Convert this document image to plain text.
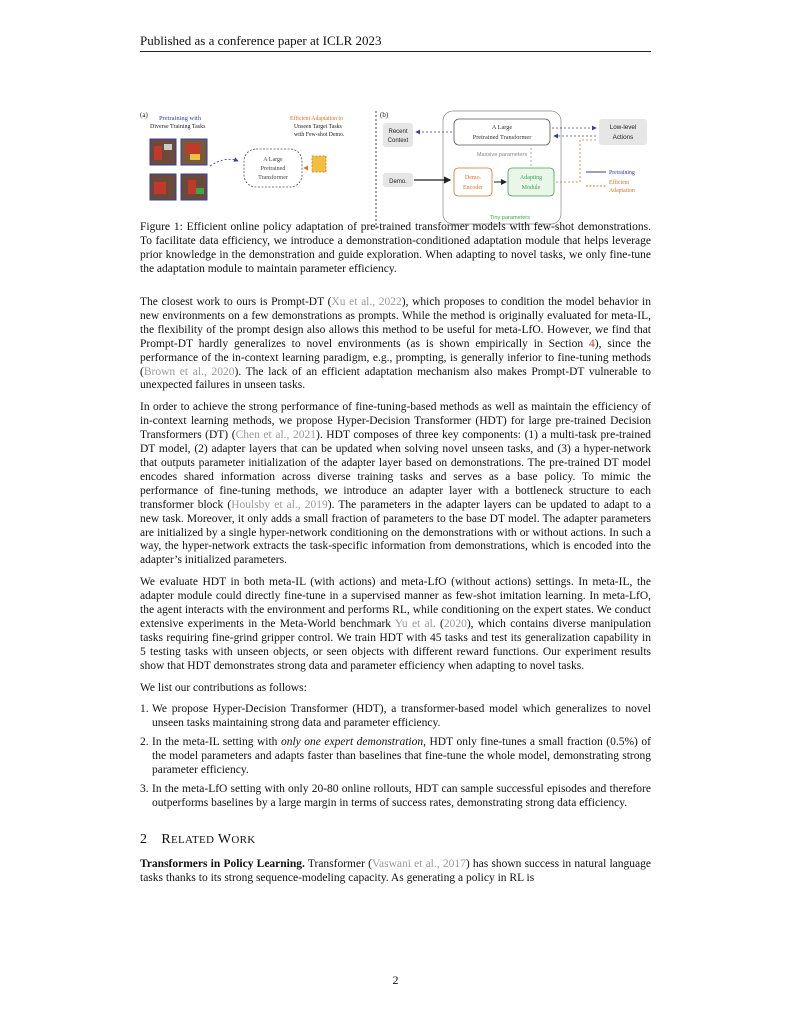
Published as a conference paper at ICLR 2023
(a) Pretraining with
Diverse Training Tasks
A Large
Pretrained
Transformer
Efficient Adaptation to
Unseen Target Tasks
with Few-shot Demo.
(b)
Recent
Context
A Large
Pretrained Transformer
Massive parameters
Demo.
Demo.
Encoder
Adapting
Module
Tiny parameters
Low-level
Actions
Pretraining
Efficient
Adaptation
Figure 1: Efficient online policy adaptation of pre-trained transformer models with few-shot demonstrations. To facilitate data efficiency, we introduce a demonstration-conditioned adaptation module that helps leverage prior knowledge in the demonstration and guide exploration. When adapting to novel tasks, we only fine-tune the adaptation module to maintain parameter efficiency.

The closest work to ours is Prompt-DT (Xu et al., 2022), which proposes to condition the model behavior in new environments on a few demonstrations as prompts. While the method is originally evaluated for meta-IL, the flexibility of the prompt design also allows this method to be useful for meta-LfO. However, we find that Prompt-DT hardly generalizes to novel environments (as is shown empirically in Section 4), since the performance of the in-context learning paradigm, e.g., prompting, is generally inferior to fine-tuning methods (Brown et al., 2020). The lack of an efficient adaptation mechanism also makes Prompt-DT vulnerable to unexpected failures in unseen tasks.

In order to achieve the strong performance of fine-tuning-based methods as well as maintain the efficiency of in-context learning methods, we propose Hyper-Decision Transformer (HDT) for large pre-trained Decision Transformers (DT) (Chen et al., 2021). HDT composes of three key components: (1) a multi-task pre-trained DT model, (2) adapter layers that can be updated when solving novel unseen tasks, and (3) a hyper-network that outputs parameter initialization of the adapter layer based on demonstrations. The pre-trained DT model encodes shared information across diverse training tasks and serves as a base policy. To mimic the performance of fine-tuning methods, we introduce an adapter layer with a bottleneck structure to each transformer block (Houlsby et al., 2019). The parameters in the adapter layers can be updated to adapt to a new task. Moreover, it only adds a small fraction of parameters to the base DT model. The adapter parameters are initialized by a single hyper-network conditioning on the demonstrations with or without actions. In such a way, the hyper-network extracts the task-specific information from demonstrations, which is encoded into the adapter’s initialized parameters.

We evaluate HDT in both meta-IL (with actions) and meta-LfO (without actions) settings. In meta-IL, the adapter module could directly fine-tune in a supervised manner as few-shot imitation learning. In meta-LfO, the agent interacts with the environment and performs RL, while conditioning on the expert states. We conduct extensive experiments in the Meta-World benchmark Yu et al. (2020), which contains diverse manipulation tasks requiring fine-grind gripper control. We train HDT with 45 tasks and test its generalization capability in 5 testing tasks with unseen objects, or seen objects with different reward functions. Our experiment results show that HDT demonstrates strong data and parameter efficiency when adapting to novel tasks.

We list our contributions as follows:

1. We propose Hyper-Decision Transformer (HDT), a transformer-based model which generalizes to novel unseen tasks maintaining strong data and parameter efficiency.
2. In the meta-IL setting with only one expert demonstration, HDT only fine-tunes a small fraction (0.5%) of the model parameters and adapts faster than baselines that fine-tune the whole model, demonstrating strong parameter efficiency.
3. In the meta-LfO setting with only 20-80 online rollouts, HDT can sample successful episodes and therefore outperforms baselines by a large margin in terms of success rates, demonstrating strong data efficiency.
2 RELATED WORK

Transformers in Policy Learning. Transformer (Vaswani et al., 2017) has shown success in natural language tasks thanks to its strong sequence-modeling capacity. As generating a policy in RL is

2
